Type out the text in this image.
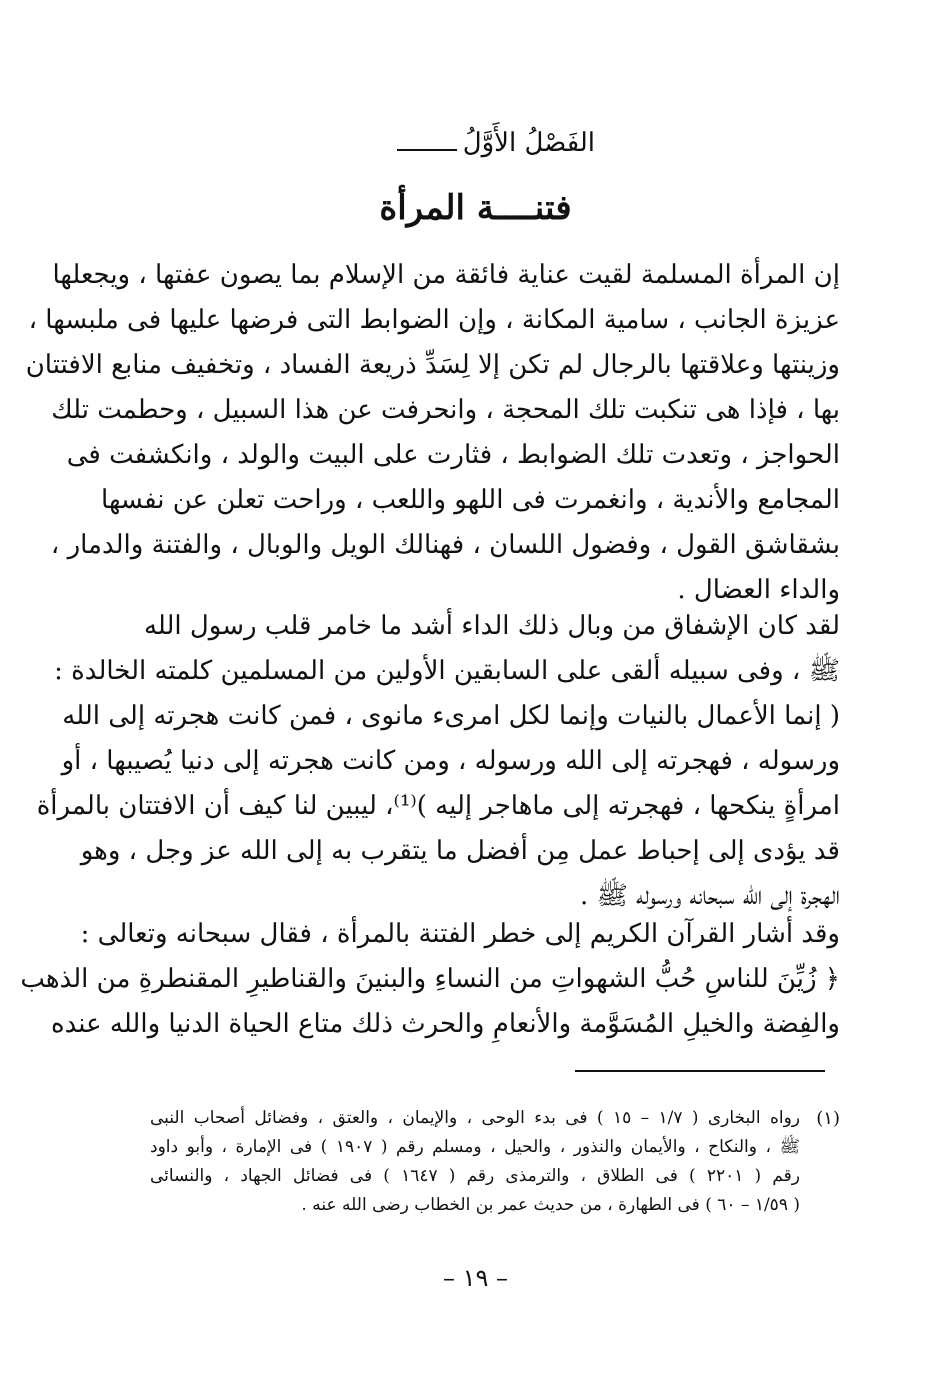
الفَصْلُ الأَوَّلُ
فتنــــة المرأة
إن المرأة المسلمة لقيت عناية فائقة من الإسلام بما يصون عفتها ، ويجعلها
عزيزة الجانب ، سامية المكانة ، وإن الضوابط التى فرضها عليها فى ملبسها ،
وزينتها وعلاقتها بالرجال لم تكن إلا لِسَدِّ ذريعة الفساد ، وتخفيف منابع الافتتان
بها ، فإذا هى تنكبت تلك المحجة ، وانحرفت عن هذا السبيل ، وحطمت تلك
الحواجز ، وتعدت تلك الضوابط ، فثارت على البيت والولد ، وانكشفت فى
المجامع والأندية ، وانغمرت فى اللهو واللعب ، وراحت تعلن عن نفسها
بشقاشق القول ، وفضول اللسان ، فهنالك الويل والوبال ، والفتنة والدمار ،
والداء العضال .
لقد كان الإشفاق من وبال ذلك الداء أشد ما خامر قلب رسول الله
ﷺ ، وفى سبيله ألقى على السابقين الأولين من المسلمين كلمته الخالدة :
( إنما الأعمال بالنيات وإنما لكل امرىء مانوى ، فمن كانت هجرته إلى الله
ورسوله ، فهجرته إلى الله ورسوله ، ومن كانت هجرته إلى دنيا يُصيبها ، أو
امرأةٍ ينكحها ، فهجرته إلى ماهاجر إليه )⁽¹⁾، ليبين لنا كيف أن الافتتان بالمرأة
قد يؤدى إلى إحباط عمل مِن أفضل ما يتقرب به إلى الله عز وجل ، وهو
الهجرة إلى الله سبحانه ورسوله ﷺ .
وقد أشار القرآن الكريم إلى خطر الفتنة بالمرأة ، فقال سبحانه وتعالى :
﴿ زُيِّنَ للناسِ حُبُّ الشهواتِ من النساءِ والبنينَ والقناطيرِ المقنطرةِ من الذهب
والفِضة والخيلِ المُسَوَّمة والأنعامِ والحرث ذلك متاع الحياة الدنيا والله عنده
(١)
رواه البخارى ( ١/٧ – ١٥ ) فى بدء الوحى ، والإيمان ، والعتق ، وفضائل أصحاب النبى
ﷺ ، والنكاح ، والأيمان والنذور ، والحيل ، ومسلم رقم ( ١٩٠٧ ) فى الإمارة ، وأبو داود
رقم ( ٢٢٠١ ) فى الطلاق ، والترمذى رقم ( ١٦٤٧ ) فى فضائل الجهاد ، والنسائى
( ١/٥٩ – ٦٠ ) فى الطهارة ، من حديث عمر بن الخطاب رضى الله عنه .
– ١٩ –
